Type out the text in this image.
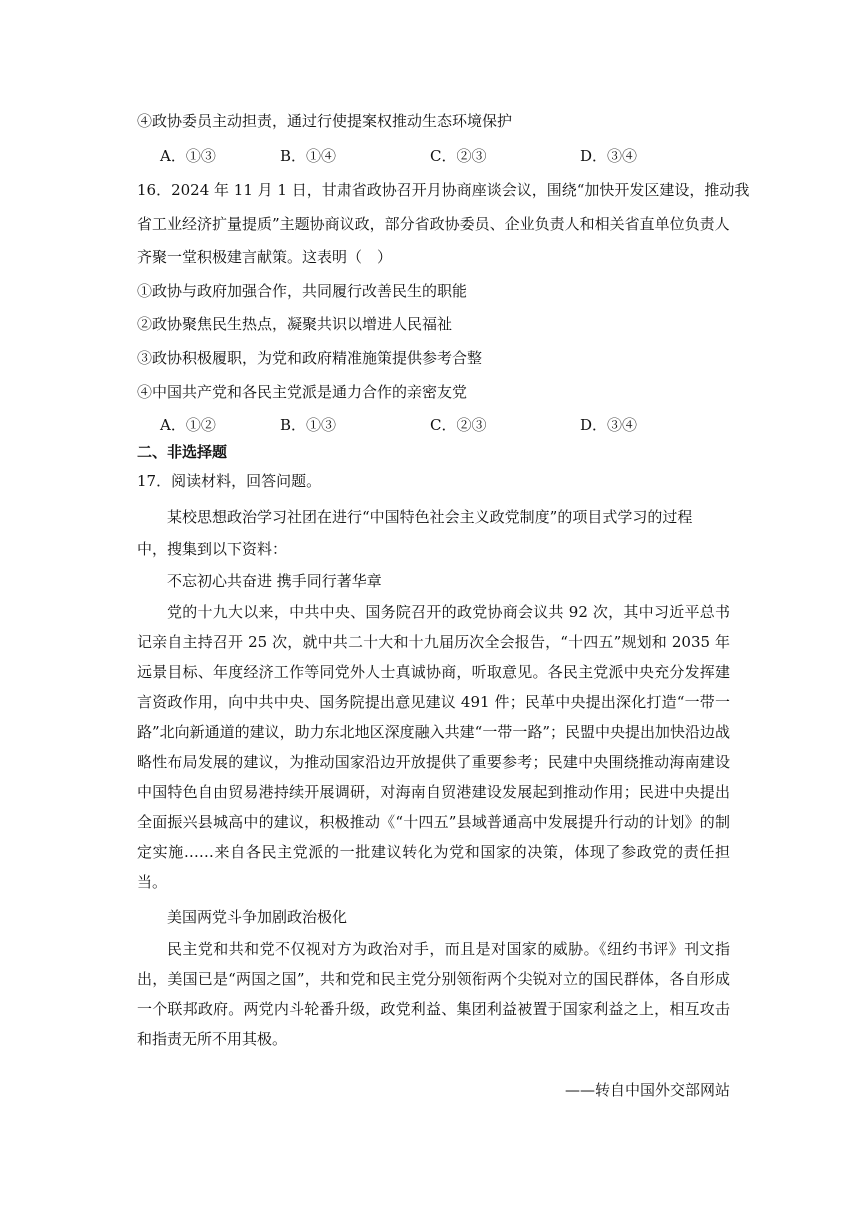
④政协委员主动担责，通过行使提案权推动生态环境保护
A．①③	B．①④	C．②③	D．③④
16．2024 年 11 月 1 日，甘肃省政协召开月协商座谈会议，围绕“加快开发区建设，推动我
省工业经济扩量提质”主题协商议政，部分省政协委员、企业负责人和相关省直单位负责人
齐聚一堂积极建言献策。这表明（　）
①政协与政府加强合作，共同履行改善民生的职能
②政协聚焦民生热点，凝聚共识以增进人民福祉
③政协积极履职，为党和政府精准施策提供参考合整
④中国共产党和各民主党派是通力合作的亲密友党
A．①②	B．①③	C．②③	D．③④
二、非选择题
17．阅读材料，回答问题。
某校思想政治学习社团在进行“中国特色社会主义政党制度”的项目式学习的过程
中，搜集到以下资料：
不忘初心共奋进 携手同行著华章

党的十九大以来，中共中央、国务院召开的政党协商会议共 92 次，其中习近平总书记亲自主持召开 25 次，就中共二十大和十九届历次全会报告，“十四五”规划和 2035 年远景目标、年度经济工作等同党外人士真诚协商，听取意见。各民主党派中央充分发挥建言资政作用，向中共中央、国务院提出意见建议 491 件；民革中央提出深化打造“一带一路”北向新通道的建议，助力东北地区深度融入共建“一带一路”；民盟中央提出加快沿边战略性布局发展的建议，为推动国家沿边开放提供了重要参考；民建中央围绕推动海南建设中国特色自由贸易港持续开展调研，对海南自贸港建设发展起到推动作用；民进中央提出全面振兴县城高中的建议，积极推动《“十四五”县域普通高中发展提升行动的计划》的制定实施……来自各民主党派的一批建议转化为党和国家的决策，体现了参政党的责任担当。

美国两党斗争加剧政治极化

民主党和共和党不仅视对方为政治对手，而且是对国家的威胁。《纽约书评》刊文指出，美国已是“两国之国”，共和党和民主党分别领衔两个尖锐对立的国民群体，各自形成一个联邦政府。两党内斗轮番升级，政党利益、集团利益被置于国家利益之上，相互攻击和指责无所不用其极。

——转自中国外交部网站
